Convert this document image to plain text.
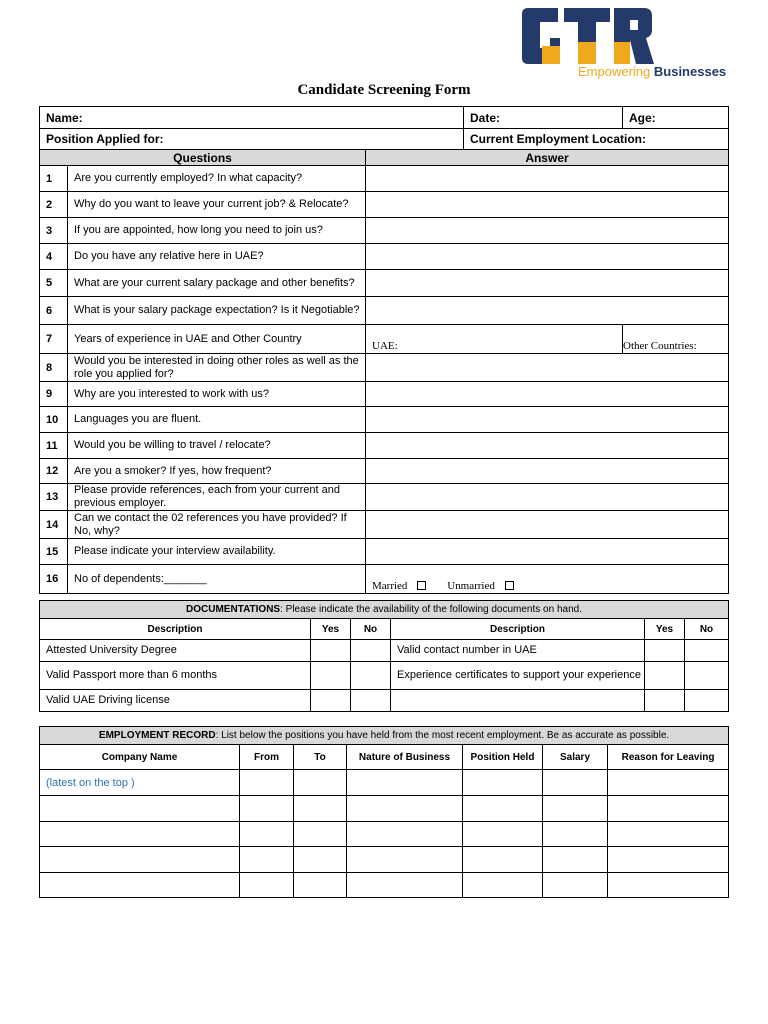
Empowering Businesses
Candidate Screening Form
Name:			Date:	Age:
Position Applied for:			Current Employment Location:	
Questions		Answer		
1	Are you currently employed? In what capacity?			
2	Why do you want to leave your current job? & Relocate?			
3	If you are appointed, how long you need to join us?			
4	Do you have any relative here in UAE?			
5	What are your current salary package and other benefits?			
6	What is your salary package expectation? Is it Negotiable?			
7	Years of experience in UAE and Other Country	UAE:		Other Countries:
8	Would you be interested in doing other roles as well as the role you applied for?			
9	Why are you interested to work with us?			
10	Languages you are fluent.			
11	Would you be willing to travel / relocate?			
12	Are you a smoker? If yes, how frequent?			
13	Please provide references, each from your current and previous employer.			
14	Can we contact the 02 references you have provided? If No, why?			
15	Please indicate your interview availability.			
16	No of dependents:_______	Married Unmarried		
DOCUMENTATIONS: Please indicate the availability of the following documents on hand.					
Description	Yes	No	Description	Yes	No
Attested University Degree			Valid contact number in UAE		
Valid Passport more than 6 months			Experience certificates to support your experience		
Valid UAE Driving license					
EMPLOYMENT RECORD: List below the positions you have held from the most recent employment. Be as accurate as possible.						
Company Name	From	To	Nature of Business	Position Held	Salary	Reason for Leaving
(latest on the top )						
